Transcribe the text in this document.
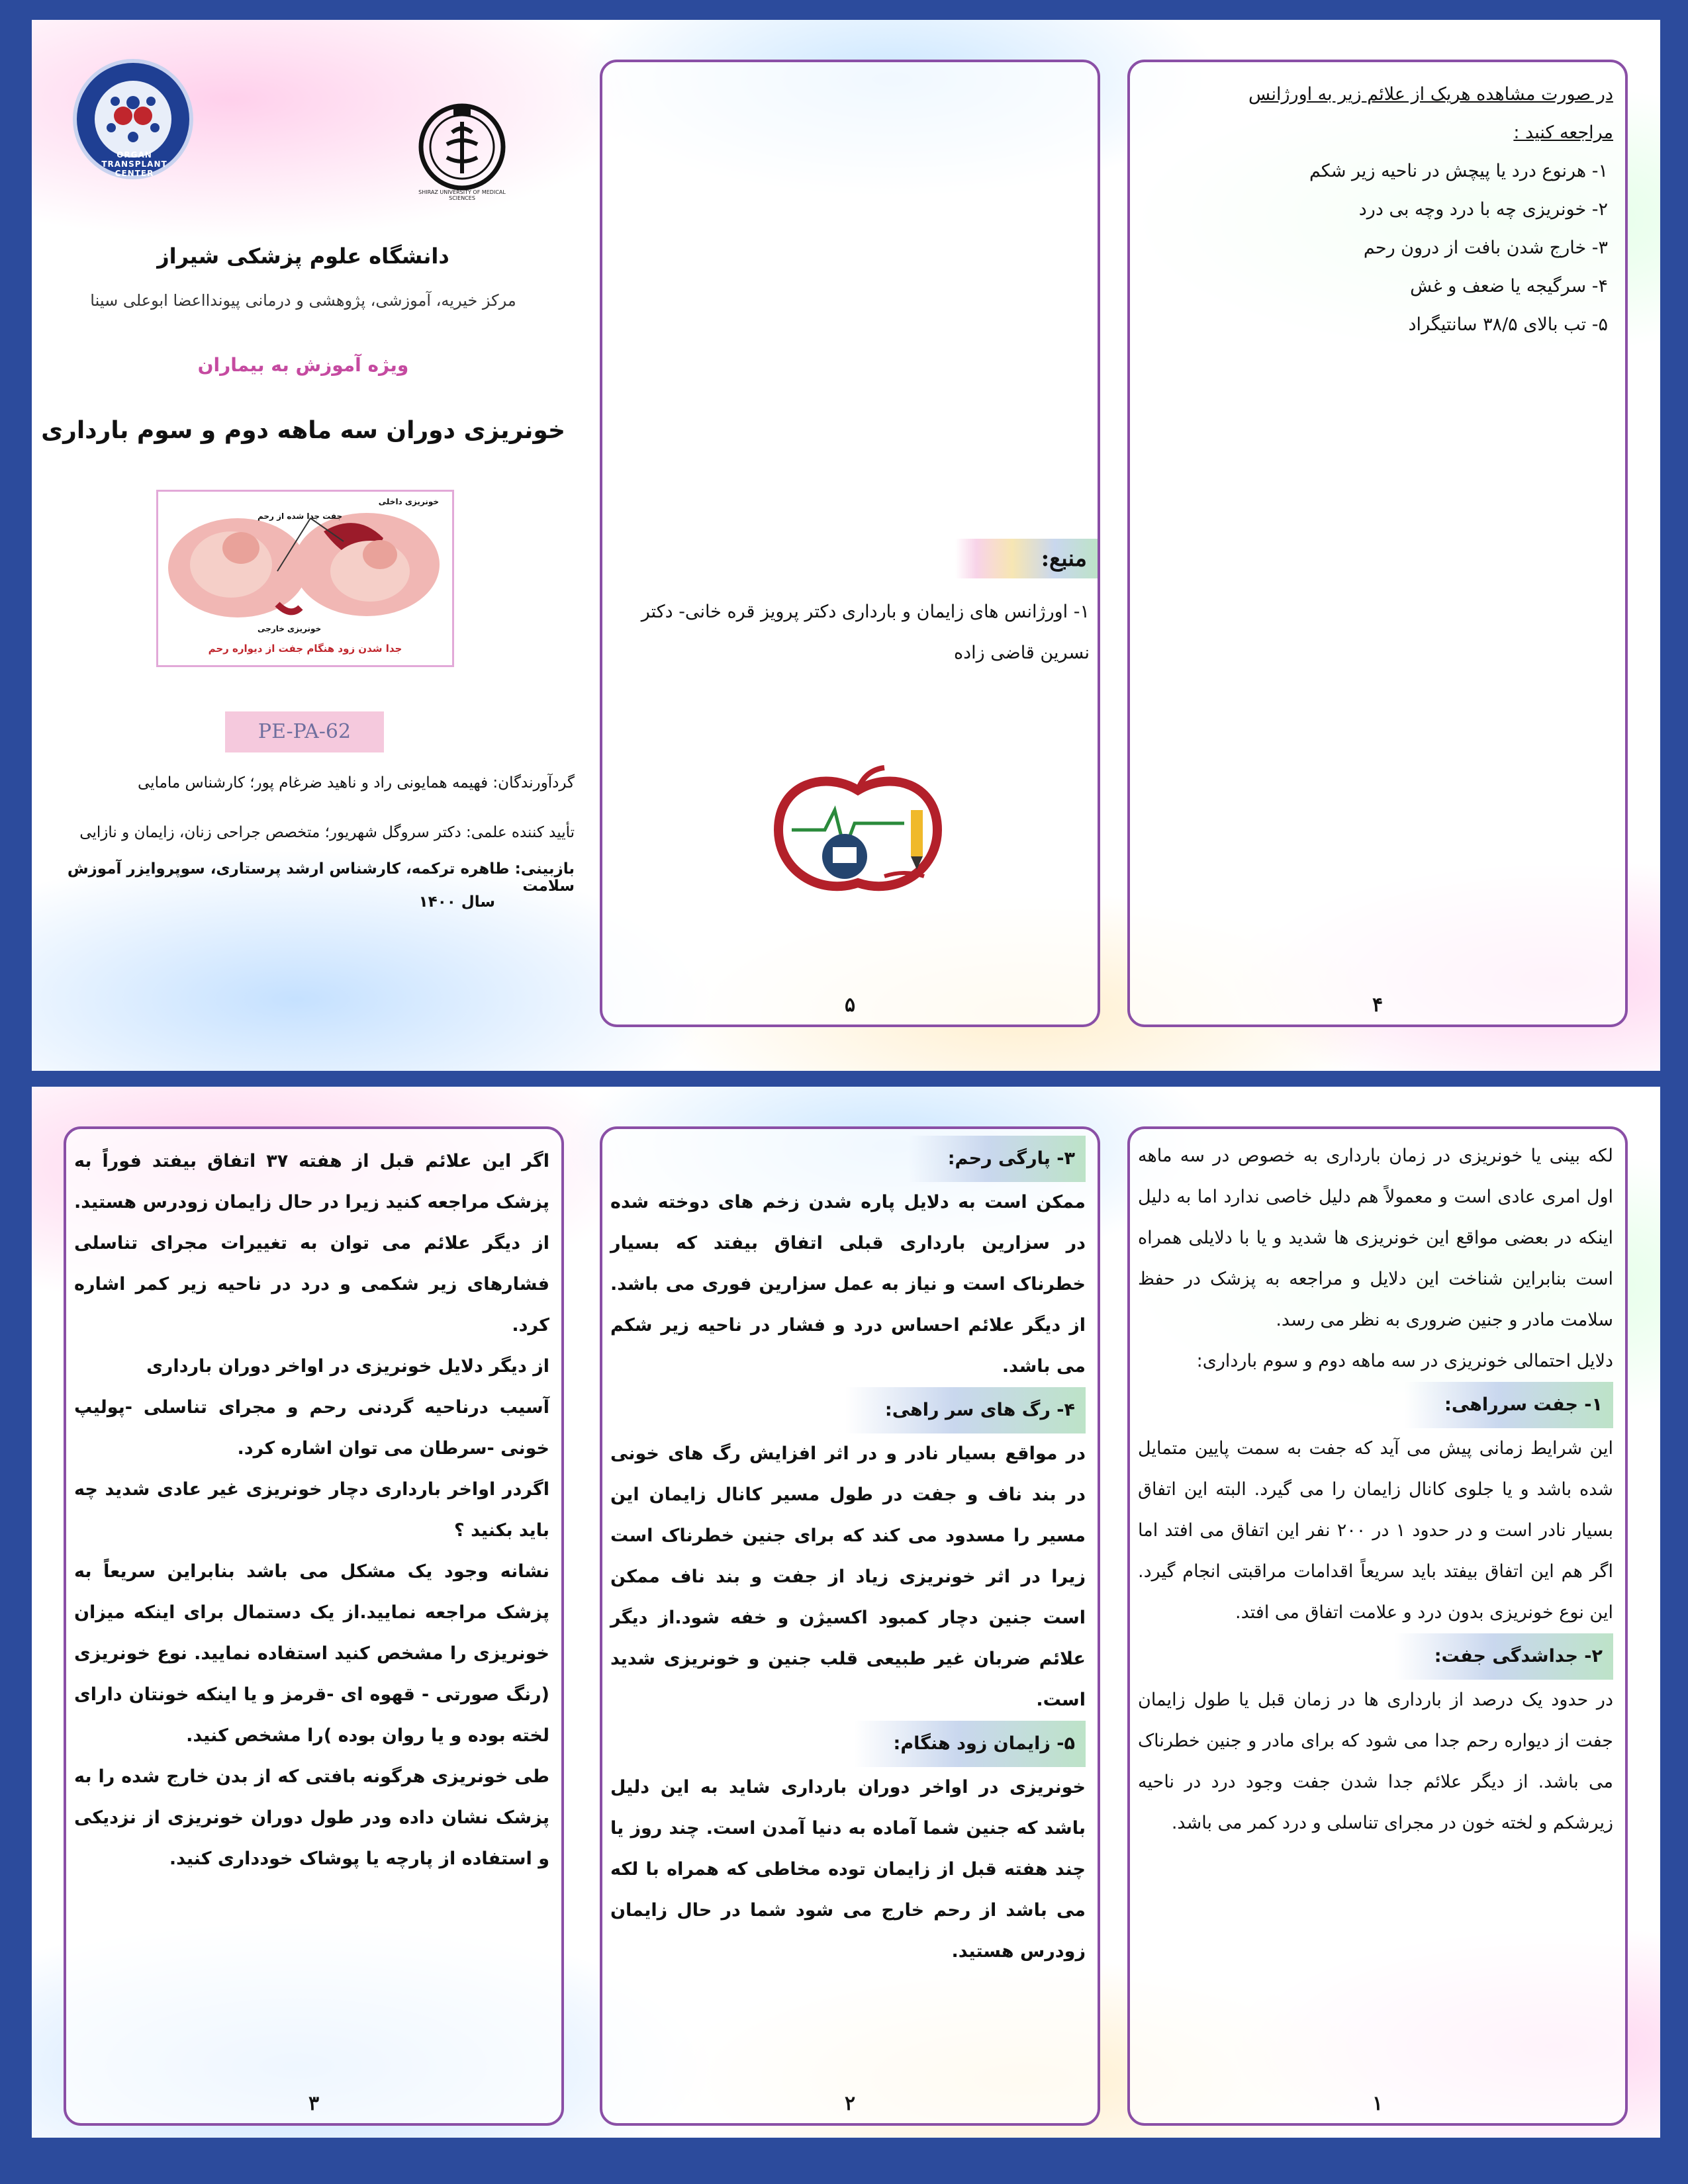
ORGAN TRANSPLANT CENTER
SHIRAZ UNIVERSITY OF MEDICAL SCIENCES
دانشگاه علوم پزشکی شیراز
مرکز خیریه، آموزشی، پژوهشی و درمانی پیوندااعضا ابوعلی سینا
ویژه آموزش به بیماران
خونریزی دوران سه ماهه دوم و سوم بارداری
خونریزی داخلی
جفت جدا شده از رحم
خونریزی خارجی
جدا شدن زود هنگام جفت از دیواره رحم
PE-PA-62
گردآورندگان: فهیمه همایونی راد و ناهید ضرغام پور؛ کارشناس مامایی
تأیید کننده علمی: دکتر سروگل شهریور؛ متخصص جراحی زنان، زایمان و نازایی
بازبینی: طاهره ترکمه، کارشناس ارشد پرستاری، سوپروایزر آموزش سلامت
سال ۱۴۰۰
منبع:
۱- اورژانس های زایمان و بارداری دکتر پرویز قره خانی- دکتر نسرین قاضی زاده
۵

در صورت مشاهده هریک از علائم زیر به اورژانس

مراجعه کنید :

۱- هرنوع درد یا پیچش در ناحیه زیر شکم
۲- خونریزی چه با درد وچه بی درد
۳- خارج شدن بافت از درون رحم
۴- سرگیجه یا ضعف و غش
۵- تب بالای ۳۸/۵ سانتیگراد
۴

اگر این علائم قبل از هفته ۳۷ اتفاق بیفتد فوراً به پزشک مراجعه کنید زیرا در حال زایمان زودرس هستید. از دیگر علائم می توان به تغییرات مجرای تناسلی فشارهای زیر شکمی و درد در ناحیه زیر کمر اشاره کرد.

از دیگر دلایل خونریزی در اواخر دوران بارداری

آسیب درناحیه گردنی رحم و مجرای تناسلی -پولیپ خونی -سرطان می توان اشاره کرد.

اگردر اواخر بارداری دچار خونریزی غیر عادی شدید چه باید بکنید ؟

نشانه وجود یک مشکل می باشد بنابراین سریعاً به پزشک مراجعه نمایید.از یک دستمال برای اینکه میزان خونریزی را مشخص کنید استفاده نمایید. نوع خونریزی (رنگ صورتی - قهوه ای -قرمز و یا اینکه خونتان دارای لخته بوده و یا روان بوده )را مشخص کنید.

طی خونریزی هرگونه بافتی که از بدن خارج شده را به پزشک نشان داده ودر طول دوران خونریزی از نزدیکی و استفاده از پارچه یا پوشاک خودداری کنید.

۳

۳- پارگی رحم:

ممکن است به دلایل پاره شدن زخم های دوخته شده در سزارین بارداری قبلی اتفاق بیفتد که بسیار خطرناک است و نیاز به عمل سزارین فوری می باشد. از دیگر علائم احساس درد و فشار در ناحیه زیر شکم می باشد.

۴- رگ های سر راهی:

در مواقع بسیار نادر و در اثر افزایش رگ های خونی در بند ناف و جفت در طول مسیر کانال زایمان این مسیر را مسدود می کند که برای جنین خطرناک است زیرا در اثر خونریزی زیاد از جفت و بند ناف ممکن است جنین دچار کمبود اکسیژن و خفه شود.از دیگر علائم ضربان غیر طبیعی قلب جنین و خونریزی شدید است.

۵- زایمان زود هنگام:

خونریزی در اواخر دوران بارداری شاید به این دلیل باشد که جنین شما آماده به دنیا آمدن است. چند روز یا چند هفته قبل از زایمان توده مخاطی که همراه با لکه می باشد از رحم خارج می شود شما در حال زایمان زودرس هستید.

۲

لکه بینی یا خونریزی در زمان بارداری به خصوص در سه ماهه اول امری عادی است و معمولاً هم دلیل خاصی ندارد اما به دلیل اینکه در بعضی مواقع این خونریزی ها شدید و یا با دلایلی همراه است بنابراین شناخت این دلایل و مراجعه به پزشک در حفظ سلامت مادر و جنین ضروری به نظر می رسد.

دلایل احتمالی خونریزی در سه ماهه دوم و سوم بارداری:

۱- جفت سرراهی:

این شرایط زمانی پیش می آید که جفت به سمت پایین متمایل شده باشد و یا جلوی کانال زایمان را می گیرد. البته این اتفاق بسیار نادر است و در حدود ۱ در ۲۰۰ نفر این اتفاق می افتد اما اگر هم این اتفاق بیفتد باید سریعاً اقدامات مراقبتی انجام گیرد. این نوع خونریزی بدون درد و علامت اتفاق می افتد.

۲- جداشدگی جفت:

در حدود یک درصد از بارداری ها در زمان قبل یا طول زایمان جفت از دیواره رحم جدا می شود که برای مادر و جنین خطرناک می باشد. از دیگر علائم جدا شدن جفت وجود درد در ناحیه زیرشکم و لخته خون در مجرای تناسلی و درد کمر می باشد.

۱
